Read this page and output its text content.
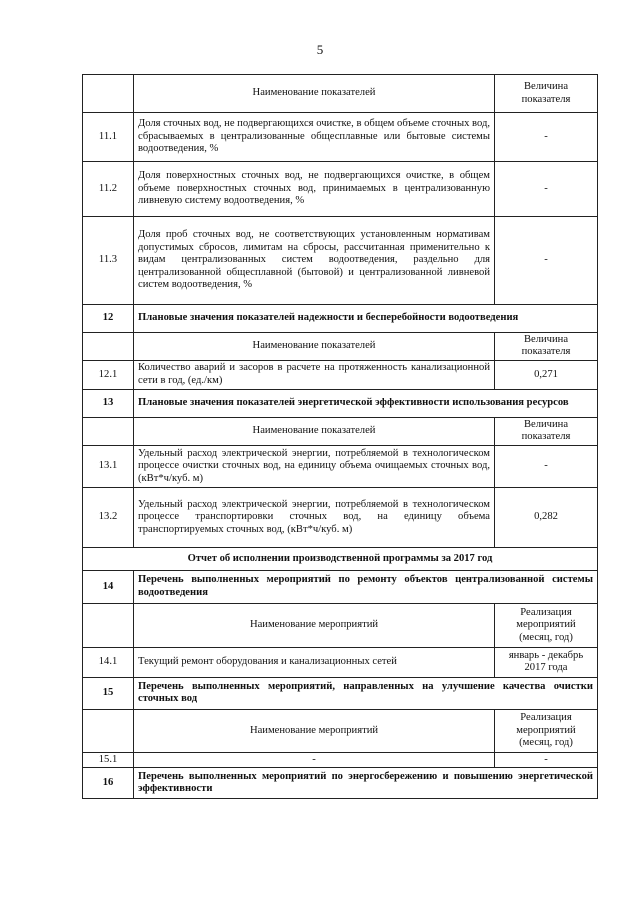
5
	Наименование показателей	Величина показателя
11.1	Доля сточных вод, не подвергающихся очистке, в общем объеме сточных вод, сбрасываемых в централизованные общесплавные или бытовые системы водоотведения, %	-
11.2	Доля поверхностных сточных вод, не подвергающихся очистке, в общем объеме поверхностных сточных вод, принимаемых в централизованную ливневую систему водоотведения, %	-
11.3	Доля проб сточных вод, не соответствующих установленным нормативам допустимых сбросов, лимитам на сбросы, рассчитанная применительно к видам централизованных систем водоотведения, раздельно для централизованной общесплавной (бытовой) и централизованной ливневой систем водоотведения, %	-
12	Плановые значения показателей надежности и бесперебойности водоотведения	
	Наименование показателей	Величина показателя
12.1	Количество аварий и засоров в расчете на протяженность канализационной сети в год, (ед./км)	0,271
13	Плановые значения показателей энергетической эффективности использования ресурсов	
	Наименование показателей	Величина показателя
13.1	Удельный расход электрической энергии, потребляемой в технологическом процессе очистки сточных вод, на единицу объема очищаемых сточных вод, (кВт*ч/куб. м)	-
13.2	Удельный расход электрической энергии, потребляемой в технологическом процессе транспортировки сточных вод, на единицу объема транспортируемых сточных вод, (кВт*ч/куб. м)	0,282
Отчет об исполнении производственной программы за 2017 год		
14	Перечень выполненных мероприятий по ремонту объектов централизованной системы водоотведения	
	Наименование мероприятий	Реализация мероприятий (месяц, год)
14.1	Текущий ремонт оборудования и канализационных сетей	январь - декабрь 2017 года
15	Перечень выполненных мероприятий, направленных на улучшение качества очистки сточных вод	
	Наименование мероприятий	Реализация мероприятий (месяц, год)
15.1	-	-
16	Перечень выполненных мероприятий по энергосбережению и повышению энергетической эффективности	
